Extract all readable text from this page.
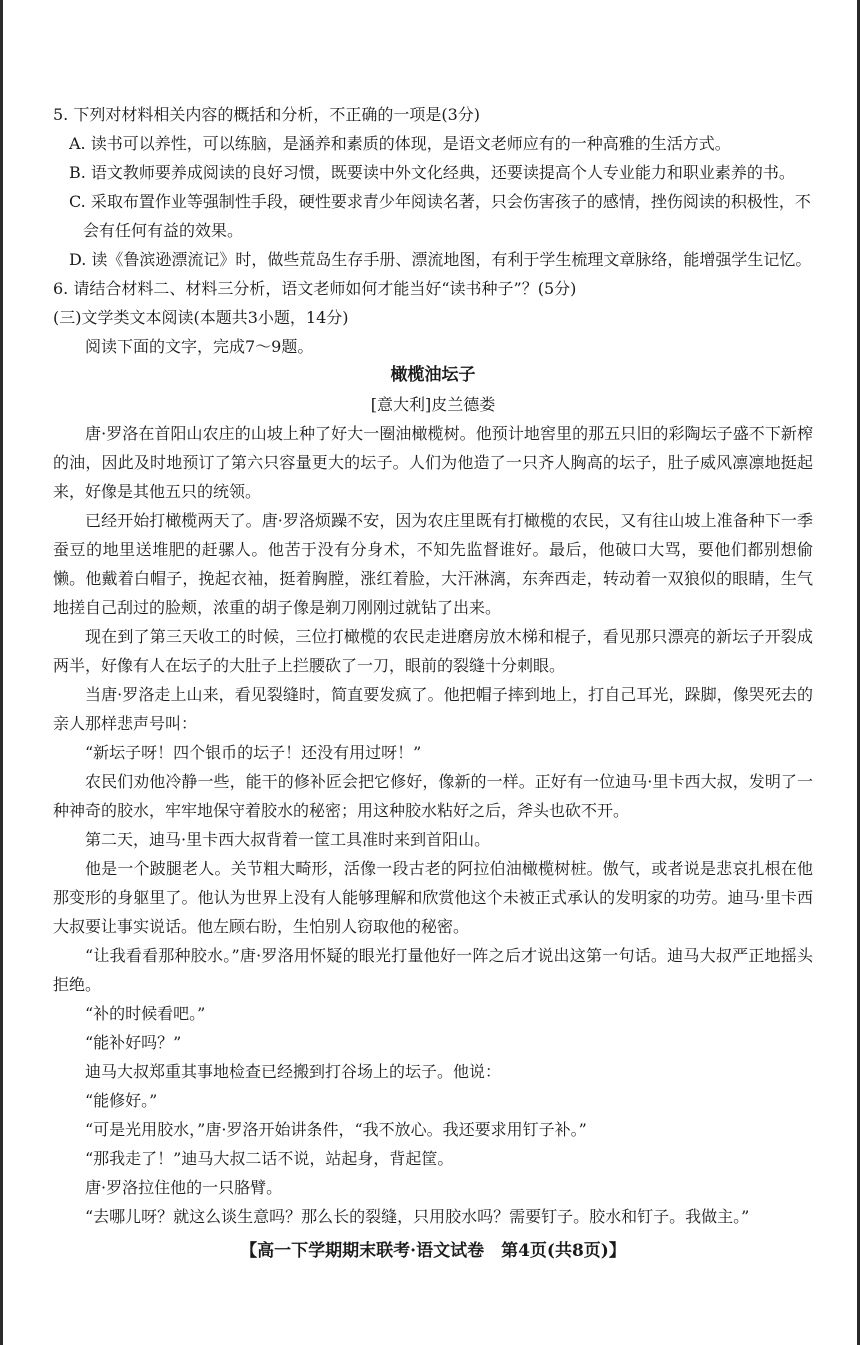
5. 下列对材料相关内容的概括和分析，不正确的一项是(3分)

A. 读书可以养性，可以练脑，是涵养和素质的体现，是语文老师应有的一种高雅的生活方式。

B. 语文教师要养成阅读的良好习惯，既要读中外文化经典，还要读提高个人专业能力和职业素养的书。

C. 采取布置作业等强制性手段，硬性要求青少年阅读名著，只会伤害孩子的感情，挫伤阅读的积极性，不会有任何有益的效果。

D. 读《鲁滨逊漂流记》时，做些荒岛生存手册、漂流地图，有利于学生梳理文章脉络，能增强学生记忆。

6. 请结合材料二、材料三分析，语文老师如何才能当好“读书种子”？(5分)

(三)文学类文本阅读(本题共3小题，14分)

阅读下面的文字，完成7～9题。

橄榄油坛子

[意大利]皮兰德娄

唐·罗洛在首阳山农庄的山坡上种了好大一圈油橄榄树。他预计地窖里的那五只旧的彩陶坛子盛不下新榨的油，因此及时地预订了第六只容量更大的坛子。人们为他造了一只齐人胸高的坛子，肚子威风凛凛地挺起来，好像是其他五只的统领。

已经开始打橄榄两天了。唐·罗洛烦躁不安，因为农庄里既有打橄榄的农民，又有往山坡上准备种下一季蚕豆的地里送堆肥的赶骡人。他苦于没有分身术，不知先监督谁好。最后，他破口大骂，要他们都别想偷懒。他戴着白帽子，挽起衣袖，挺着胸膛，涨红着脸，大汗淋漓，东奔西走，转动着一双狼似的眼睛，生气地搓自己刮过的脸颊，浓重的胡子像是剃刀刚刚过就钻了出来。

现在到了第三天收工的时候，三位打橄榄的农民走进磨房放木梯和棍子，看见那只漂亮的新坛子开裂成两半，好像有人在坛子的大肚子上拦腰砍了一刀，眼前的裂缝十分刺眼。

当唐·罗洛走上山来，看见裂缝时，简直要发疯了。他把帽子摔到地上，打自己耳光，跺脚，像哭死去的亲人那样悲声号叫：

“新坛子呀！四个银币的坛子！还没有用过呀！”

农民们劝他冷静一些，能干的修补匠会把它修好，像新的一样。正好有一位迪马·里卡西大叔，发明了一种神奇的胶水，牢牢地保守着胶水的秘密；用这种胶水粘好之后，斧头也砍不开。

第二天，迪马·里卡西大叔背着一筐工具准时来到首阳山。

他是一个跛腿老人。关节粗大畸形，活像一段古老的阿拉伯油橄榄树桩。傲气，或者说是悲哀扎根在他那变形的身躯里了。他认为世界上没有人能够理解和欣赏他这个未被正式承认的发明家的功劳。迪马·里卡西大叔要让事实说话。他左顾右盼，生怕别人窃取他的秘密。

“让我看看那种胶水。”唐·罗洛用怀疑的眼光打量他好一阵之后才说出这第一句话。迪马大叔严正地摇头拒绝。

“补的时候看吧。”

“能补好吗？”

迪马大叔郑重其事地检查已经搬到打谷场上的坛子。他说：

“能修好。”

“可是光用胶水，”唐·罗洛开始讲条件，“我不放心。我还要求用钉子补。”

“那我走了！”迪马大叔二话不说，站起身，背起筐。

唐·罗洛拉住他的一只胳臂。

“去哪儿呀？就这么谈生意吗？那么长的裂缝，只用胶水吗？需要钉子。胶水和钉子。我做主。”

【高一下学期期末联考·语文试卷　第4页(共8页)】
